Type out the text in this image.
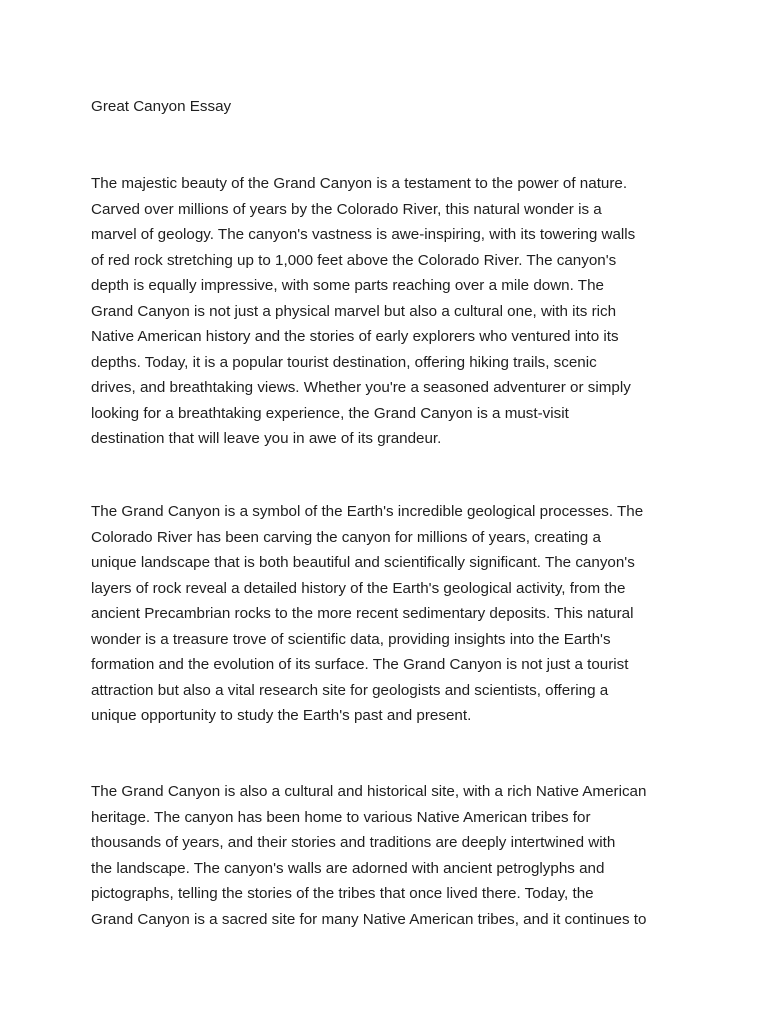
Great Canyon Essay
The majestic beauty of the Grand Canyon is a testament to the power of nature.
Carved over millions of years by the Colorado River, this natural wonder is a
marvel of geology. The canyon's vastness is awe-inspiring, with its towering walls
of red rock stretching up to 1,000 feet above the Colorado River. The canyon's
depth is equally impressive, with some parts reaching over a mile down. The
Grand Canyon is not just a physical marvel but also a cultural one, with its rich
Native American history and the stories of early explorers who ventured into its
depths. Today, it is a popular tourist destination, offering hiking trails, scenic
drives, and breathtaking views. Whether you're a seasoned adventurer or simply
looking for a breathtaking experience, the Grand Canyon is a must-visit
destination that will leave you in awe of its grandeur.
The Grand Canyon is a symbol of the Earth's incredible geological processes. The
Colorado River has been carving the canyon for millions of years, creating a
unique landscape that is both beautiful and scientifically significant. The canyon's
layers of rock reveal a detailed history of the Earth's geological activity, from the
ancient Precambrian rocks to the more recent sedimentary deposits. This natural
wonder is a treasure trove of scientific data, providing insights into the Earth's
formation and the evolution of its surface. The Grand Canyon is not just a tourist
attraction but also a vital research site for geologists and scientists, offering a
unique opportunity to study the Earth's past and present.
The Grand Canyon is also a cultural and historical site, with a rich Native American
heritage. The canyon has been home to various Native American tribes for
thousands of years, and their stories and traditions are deeply intertwined with
the landscape. The canyon's walls are adorned with ancient petroglyphs and
pictographs, telling the stories of the tribes that once lived there. Today, the
Grand Canyon is a sacred site for many Native American tribes, and it continues to
